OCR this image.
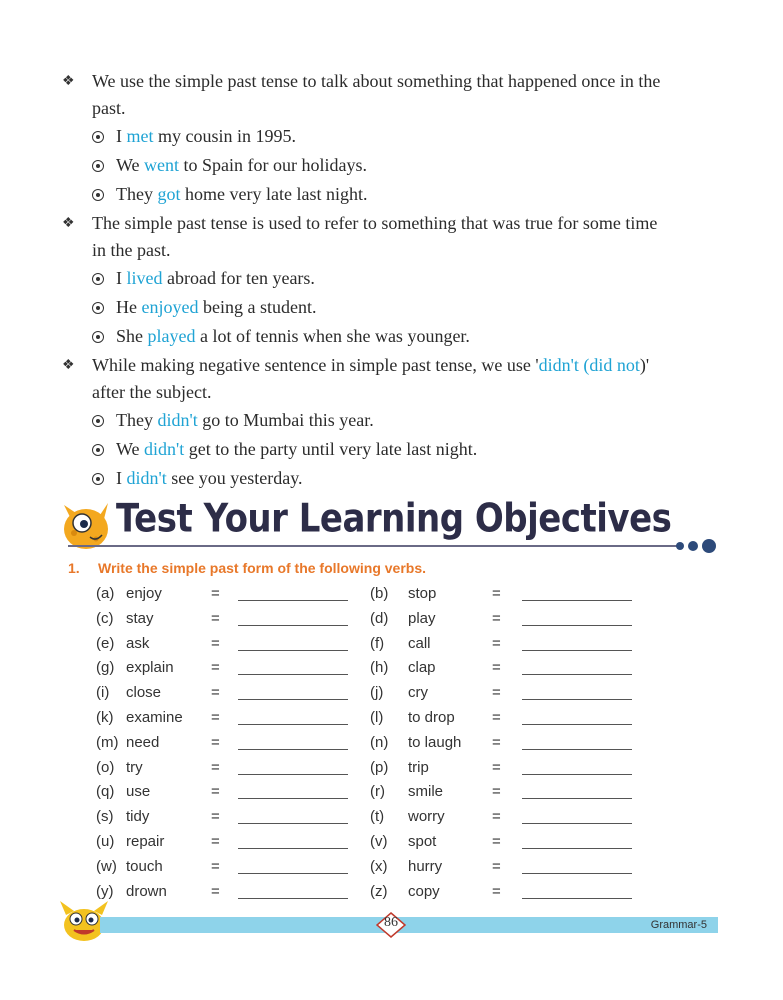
❖ We use the simple past tense to talk about something that happened once in the
past.
I met my cousin in 1995.
We went to Spain for our holidays.
They got home very late last night.
❖ The simple past tense is used to refer to something that was true for some time
in the past.
I lived abroad for ten years.
He enjoyed being a student.
She played a lot of tennis when she was younger.
❖ While making negative sentence in simple past tense, we use 'didn't (did not)'
after the subject.
They didn't go to Mumbai this year.
We didn't get to the party until very late last night.
I didn't see you yesterday.
Test Your Learning Objectives
1. Write the simple past form of the following verbs.
(a) enjoy	=	(b) stop	=
(c) stay	=	(d) play	=
(e) ask	=	(f) call	=
(g) explain =	(h) clap	=
(i) close	=	(j) cry	=
(k) examine =	(l) to drop =
(m) need	=	(n) to laugh =
(o) try	=	(p) trip	=
(q) use	=	(r) smile	=
(s) tidy	=	(t) worry	=
(u) repair	=	(v) spot	=
(w) touch	=	(x) hurry	=
(y) drown	=	(z) copy	=
86	Grammar-5
